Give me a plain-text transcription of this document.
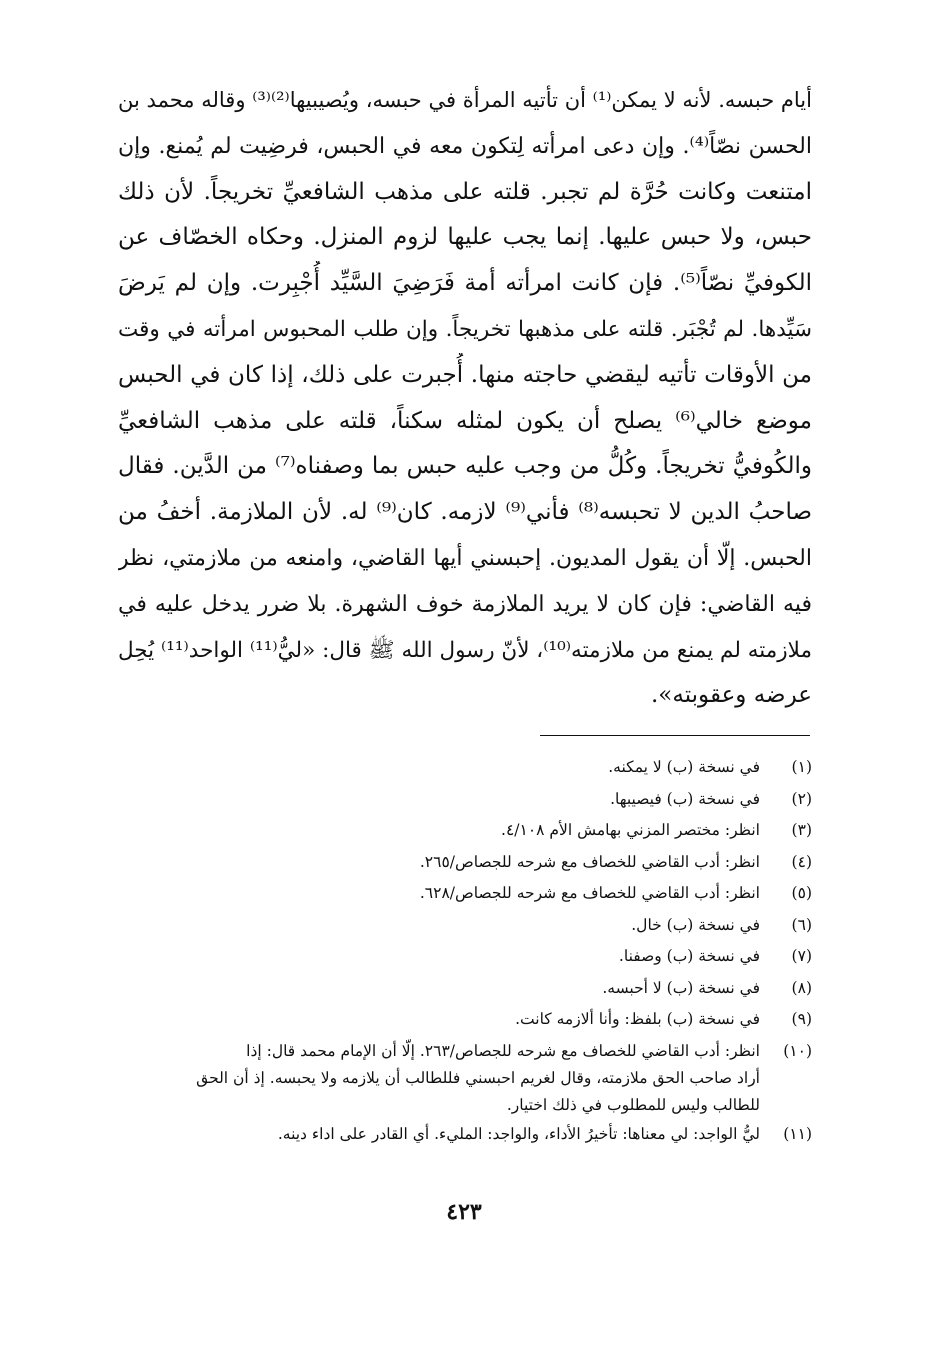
أيام حبسه. لأنه لا يمكن⁽¹⁾ أن تأتيه المرأة في حبسه، ويُصيبيها⁽²⁾⁽³⁾ وقاله محمد بن
الحسن نصّاً⁽⁴⁾. وإن دعى امرأته لِتكون معه في الحبس، فرضِيت لم يُمنع. وإن
امتنعت وكانت حُرَّة لم تجبر. قلته على مذهب الشافعيِّ تخريجاً. لأن ذلك
حبس، ولا حبس عليها. إنما يجب عليها لزوم المنزل. وحكاه الخصّاف عن
الكوفيِّ نصّاً⁽⁵⁾. فإن كانت امرأته أمة فَرَضِيَ السَّيِّد أُجْبِرت. وإن لم يَرضَ
سَيِّدها. لم تُجْبَر. قلته على مذهبها تخريجاً. وإن طلب المحبوس امرأته في وقت
من الأوقات تأتيه ليقضي حاجته منها. أُجبرت على ذلك، إذا كان في الحبس
موضع خالي⁽⁶⁾ يصلح أن يكون لمثله سكناً، قلته على مذهب الشافعيِّ
والكُوفيُّ تخريجاً. وكُلُّ من وجب عليه حبس بما وصفناه⁽⁷⁾ من الدَّين. فقال
صاحبُ الدين لا تحبسه⁽⁸⁾ فأني⁽⁹⁾ لازمه. كان⁽⁹⁾ له. لأن الملازمة. أخفُ من
الحبس. إلّا أن يقول المديون. إحبسني أيها القاضي، وامنعه من ملازمتي، نظر
فيه القاضي: فإن كان لا يريد الملازمة خوف الشهرة. بلا ضرر يدخل عليه في
ملازمته لم يمنع من ملازمته⁽¹⁰⁾، لأنّ رسول الله ﷺ قال: «ليُّ⁽¹¹⁾ الواحد⁽¹¹⁾ يُحِل
عرضه وعقوبته».
(١)
في نسخة (ب) لا يمكنه.
(٢)
في نسخة (ب) فيصيبها.
(٣)
انظر: مختصر المزني بهامش الأم ٤/١٠٨.
(٤)
انظر: أدب القاضي للخصاف مع شرحه للجصاص/٢٦٥.
(٥)
انظر: أدب القاضي للخصاف مع شرحه للجصاص/٦٢٨.
(٦)
في نسخة (ب) خال.
(٧)
في نسخة (ب) وصفنا.
(٨)
في نسخة (ب) لا أحبسه.
(٩)
في نسخة (ب) بلفظ: وأنا ألازمه كانت.
(١٠)
انظر: أدب القاضي للخصاف مع شرحه للجصاص/٢٦٣. إلّا أن الإمام محمد قال: إذا
أراد صاحب الحق ملازمته، وقال لغريم احبسني فللطالب أن يلازمه ولا يحبسه. إذ أن الحق
للطالب وليس للمطلوب في ذلك اختيار.
(١١)
ليُّ الواجد: لي معناها: تأخيرُ الأداء، والواجد: المليء. أي القادر على اداء دينه.
٤٢٣
